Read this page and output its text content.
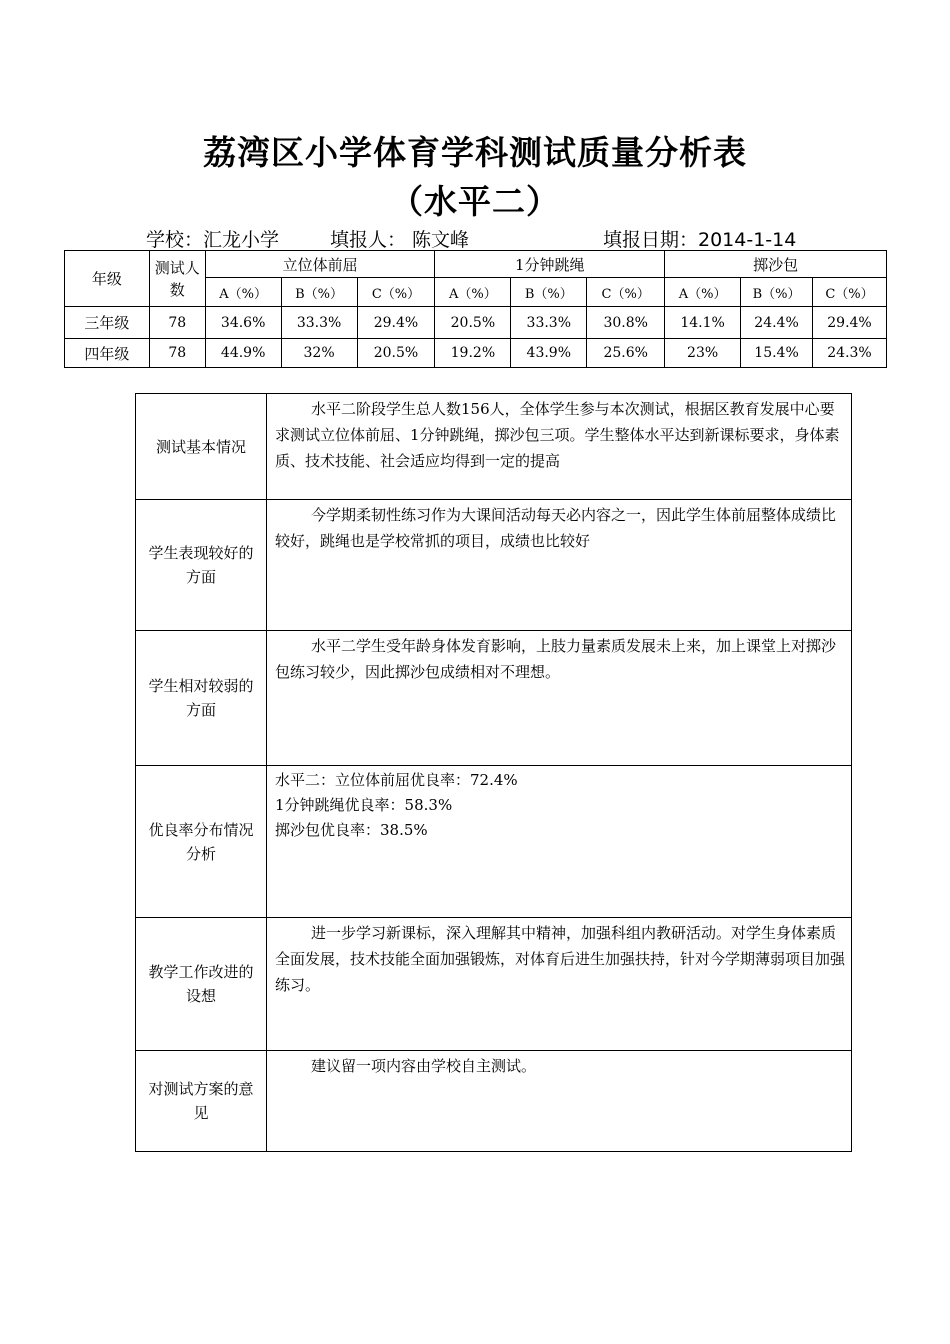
荔湾区小学体育学科测试质量分析表
（水平二）
学校：汇龙小学	填报人： 陈文峰	填报日期：2014-1-14
年级	测试人数	立位体前屈			1分钟跳绳			掷沙包		
		A（%）	B（%）	C（%）	A（%）	B（%）	C（%）	A（%）	B（%）	C（%）
三年级	78	34.6%	33.3%	29.4%	20.5%	33.3%	30.8%	14.1%	24.4%	29.4%
四年级	78	44.9%	32%	20.5%	19.2%	43.9%	25.6%	23%	15.4%	24.3%
测试基本情况	水平二阶段学生总人数156人，全体学生参与本次测试，根据区教育发展中心要求测试立位体前屈、1分钟跳绳，掷沙包三项。学生整体水平达到新课标要求，身体素质、技术技能、社会适应均得到一定的提高

学生表现较好的方面	今学期柔韧性练习作为大课间活动每天必内容之一，因此学生体前屈整体成绩比较好，跳绳也是学校常抓的项目，成绩也比较好

学生相对较弱的方面	水平二学生受年龄身体发育影响，上肢力量素质发展未上来，加上课堂上对掷沙包练习较少，因此掷沙包成绩相对不理想。

优良率分布情况分析	水平二：立位体前屈优良率：72.4%

1分钟跳绳优良率：58.3%

掷沙包优良率：38.5%

教学工作改进的设想	进一步学习新课标，深入理解其中精神，加强科组内教研活动。对学生身体素质全面发展，技术技能全面加强锻炼，对体育后进生加强扶持，针对今学期薄弱项目加强练习。

对测试方案的意见	建议留一项内容由学校自主测试。
